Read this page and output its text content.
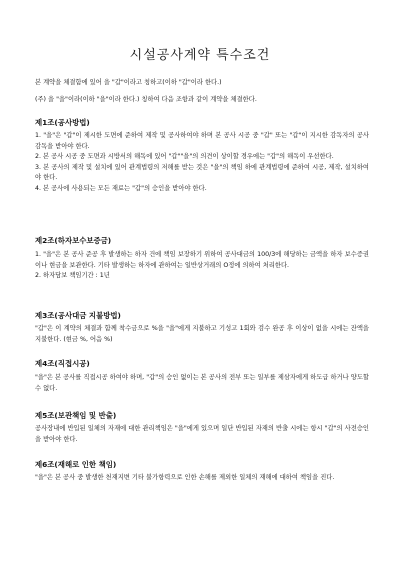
시설공사계약 특수조건
본 계약을 체결함에 있어 을 "갑"이라고 칭하고(이하 "갑"이라 한다.)
(주) 을 "을"이라(이하 "을"이라 한다.) 칭하여 다음 조항과 같이 계약을 체결한다.
제1조(공사방법)
1. "을"은 "갑"이 제시한 도면에 준하여 제작 및 공사하여야 하며 본 공사 시공 중 "갑" 또는 "갑"이 지시한 감독자의 공사 감독을 받아야 한다.
2. 본 공사 시공 중 도면과 시방서의 해독에 있어 "갑""을"의 의견이 상이할 경우에는 "갑"의 해독이 우선한다.
3. 본 공사의 제작 및 설치에 있어 관계법령의 저해를 받는 것은 "을"의 책임 하에 관계법령에 준하여 시공, 제작, 설치하여야 한다.
4. 본 공사에 사용되는 모든 재료는 "갑"의 승인을 받아야 한다.
제2조(하자보수보증금)
1. "을"은 본 공사 준공 후 발생하는 하자 건에 책임 보장하기 위하여 공사대금의 100/3에 해당하는 금액을 하자 보수증권이나 현금을 보관한다. 기타 발생하는 하자에 관하여는 일반상거래의 O정에 의하여 처리한다.
2. 하자담보 책임기간 : 1년
제3조(공사대금 지불방법)
"갑"은 이 계약의 체결과 함께 착수금으로 %을 "을"에게 지불하고 기성고 1회와 검수 완공 후 이상이 없을 시에는 잔액을 지불한다. (현금 %, 어음 %)
제4조(직접시공)
"을"은 본 공사를 직접시공 하여야 하며, "갑"의 승인 없이는 본 공사의 전부 또는 일부를 제삼자에게 하도급 하거나 양도할 수 없다.
제5조(보관책임 및 반출)
공사장내에 반입된 일체의 자재에 대한 관리책임은 "을"에게 있으며 일단 반입된 자재의 반출 시에는 항시 "갑"의 사전승인을 받아야 한다.
제6조(재해로 인한 책임)
"을"은 본 공사 중 발생한 천재지변 기타 불가항력으로 인한 손해를 제외한 일체의 재해에 대하여 책임을 진다.
